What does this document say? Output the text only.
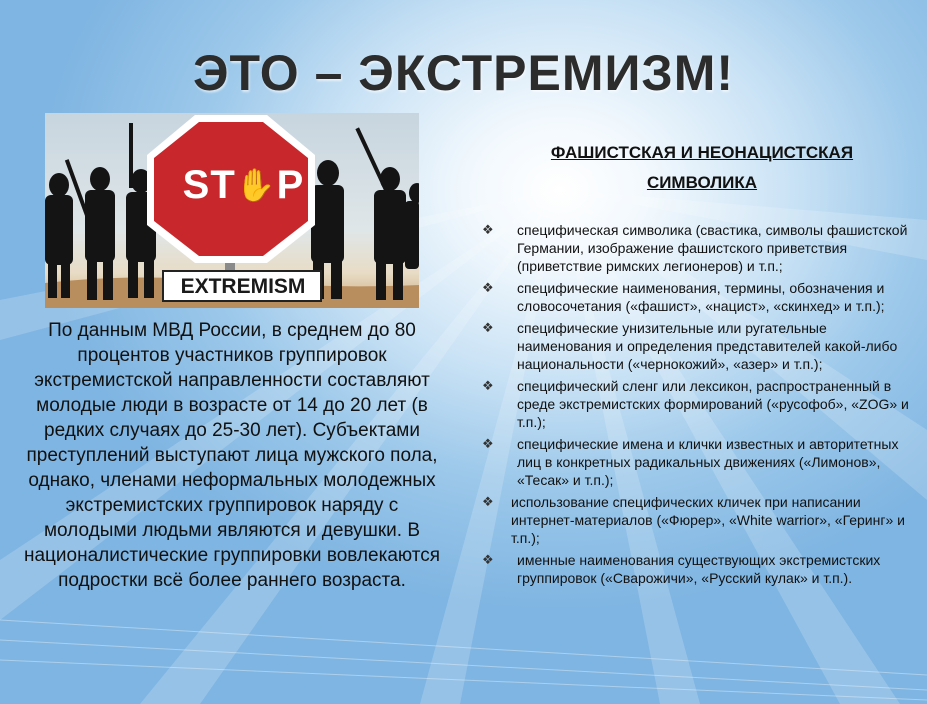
ЭТО – ЭКСТРЕМИЗМ!
ST✋P
EXTREMISM
По данным МВД России, в среднем до 80 процентов участников группировок экстремистской направленности составляют молодые люди в возрасте от 14 до 20 лет (в редких случаях до 25-30 лет). Субъектами преступлений выступают лица мужского пола, однако, членами неформальных молодежных экстремистских группировок наряду с молодыми людьми являются и девушки. В националистические группировки вовлекаются подростки всё более раннего возраста.
ФАШИСТСКАЯ И НЕОНАЦИСТСКАЯ
СИМВОЛИКА
❖ специфическая символика (свастика, символы фашистской Германии, изображение фашистского приветствия (приветствие римских легионеров) и т.п.;
❖ специфические наименования, термины, обозначения и словосочетания («фашист», «нацист», «скинхед» и т.п.);
❖ специфические унизительные или ругательные наименования и определения представителей какой-либо национальности («чернокожий», «азер» и т.п.);
❖ специфический сленг или лексикон, распространенный в среде экстремистских формирований («русофоб», «ZOG» и т.п.);
❖ специфические имена и клички известных и авторитетных лиц в конкретных радикальных движениях («Лимонов», «Тесак» и т.п.);
❖ использование специфических кличек при написании интернет-материалов («Фюрер», «White warrior», «Геринг» и т.п.);
❖ именные наименования существующих экстремистских группировок («Сварожичи», «Русский кулак» и т.п.).
